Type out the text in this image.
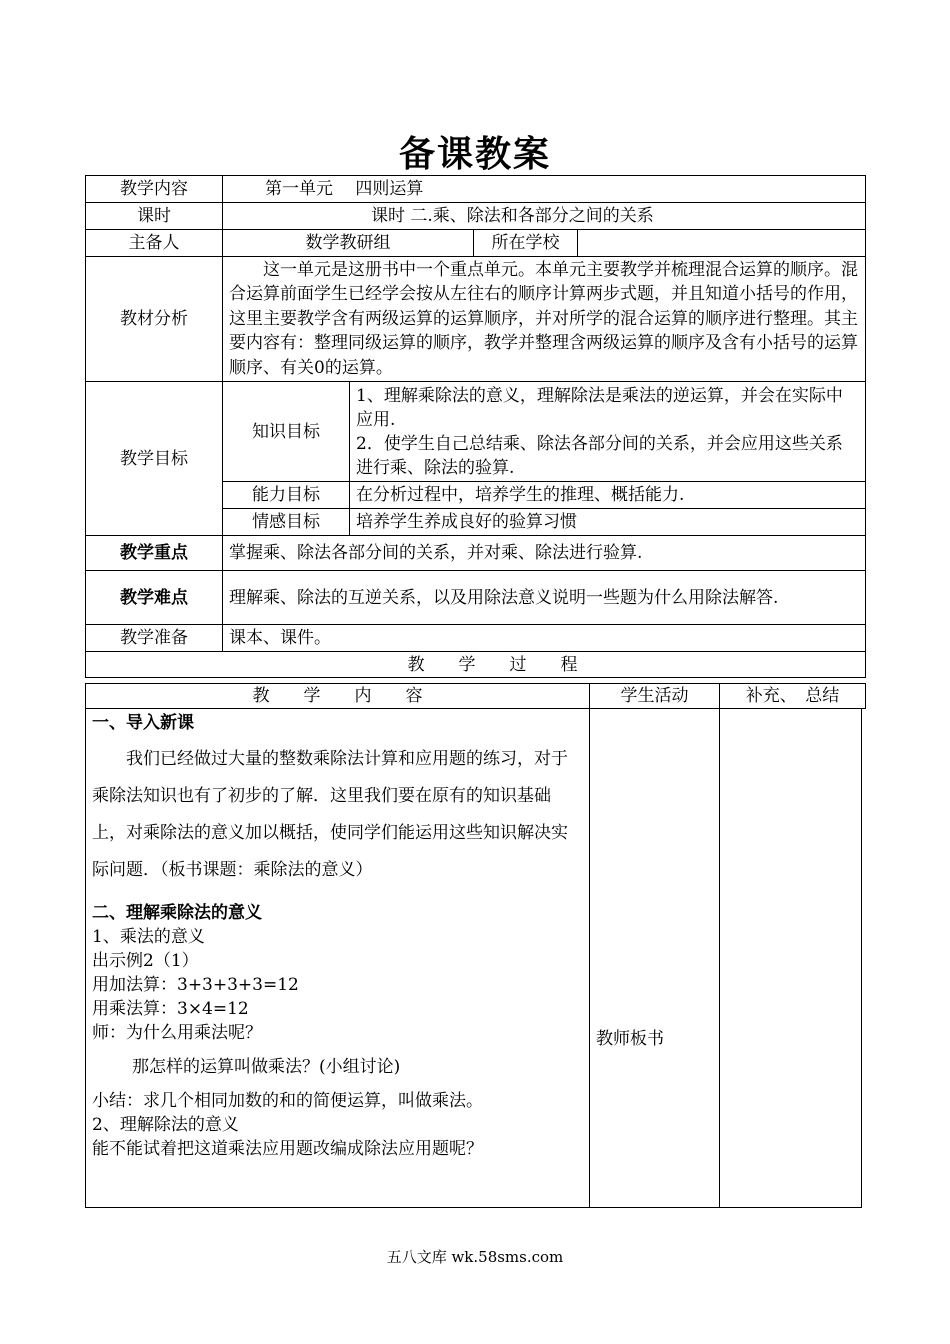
备课教案
教学内容	第一单元　 四则运算			
课时	课时 二.乘、除法和各部分之间的关系			
主备人	数学教研组		所在学校	
教材分析	这一单元是这册书中一个重点单元。本单元主要教学并梳理混合运算的顺序。混合运算前面学生已经学会按从左往右的顺序计算两步式题，并且知道小括号的作用，这里主要教学含有两级运算的运算顺序，并对所学的混合运算的顺序进行整理。其主要内容有：整理同级运算的顺序，教学并整理含两级运算的顺序及含有小括号的运算顺序、有关0的运算。			
教学目标	知识目标	1、理解乘除法的意义，理解除法是乘法的逆运算，并会在实际中应用.
2．使学生自己总结乘、除法各部分间的关系，并会应用这些关系进行乘、除法的验算.		

	能力目标	在分析过程中，培养学生的推理、概括能力.		
	情感目标	培养学生养成良好的验算习惯		
教学重点	掌握乘、除法各部分间的关系，并对乘、除法进行验算.			
教学难点	理解乘、除法的互逆关系，以及用除法意义说明一些题为什么用除法解答.			
教学准备	课本、课件。			
教　　学　　过　　程				
教　　学　　内　　容	学生活动	补充、　总结
一、导入新课
我们已经做过大量的整数乘除法计算和应用题的练习，对于乘除法知识也有了初步的了解．这里我们要在原有的知识基础上，对乘除法的意义加以概括，使同学们能运用这些知识解决实际问题．（板书课题：乘除法的意义）
二、理解乘除法的意义
1、乘法的意义
出示例2（1）
用加法算：3+3+3+3=12
用乘法算：3×4=12
师：为什么用乘法呢？
那怎样的运算叫做乘法？(小组讨论)
小结：求几个相同加数的和的简便运算，叫做乘法。
2、理解除法的意义
能不能试着把这道乘法应用题改编成除法应用题呢？
	教师板书	
五八文库 wk.58sms.com
